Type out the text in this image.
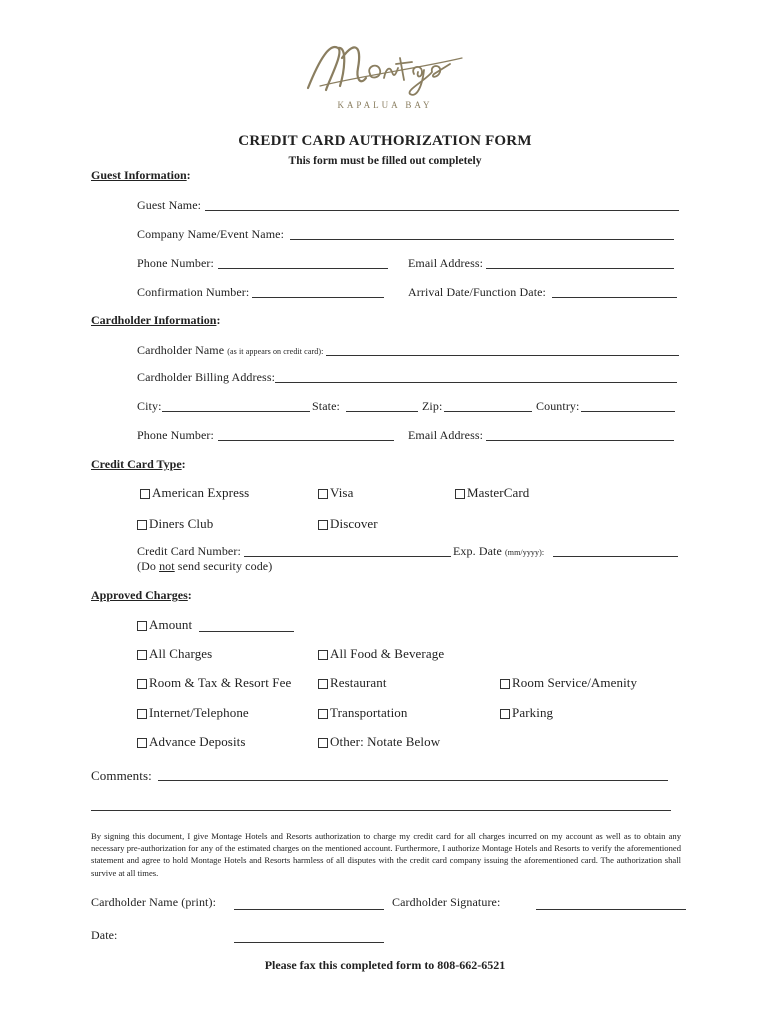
KAPALUA BAY
CREDIT CARD AUTHORIZATION FORM
This form must be filled out completely
Guest Information:
Guest Name:
Company Name/Event Name:
Phone Number:	Email Address:
Confirmation Number:	Arrival Date/Function Date:
Cardholder Information:
Cardholder Name (as it appears on credit card):
Cardholder Billing Address:
City:	State:	Zip:	Country:
Phone Number:	Email Address:
Credit Card Type:
American Express	Visa	MasterCard
Diners Club	Discover
Credit Card Number:	Exp. Date (mm/yyyy):
(Do not send security code)
Approved Charges:
Amount
All Charges	All Food & Beverage
Room & Tax & Resort Fee	Restaurant	Room Service/Amenity
Internet/Telephone	Transportation	Parking
Advance Deposits	Other: Notate Below
Comments:
By signing this document, I give Montage Hotels and Resorts authorization to charge my credit card for all charges incurred on my account as well as to obtain any necessary pre-authorization for any of the estimated charges on the mentioned account. Furthermore, I authorize Montage Hotels and Resorts to verify the aforementioned statement and agree to hold Montage Hotels and Resorts harmless of all disputes with the credit card company issuing the aforementioned card. The authorization shall survive at all times.
Cardholder Name (print):	Cardholder Signature:
Date:
Please fax this completed form to 808-662-6521
